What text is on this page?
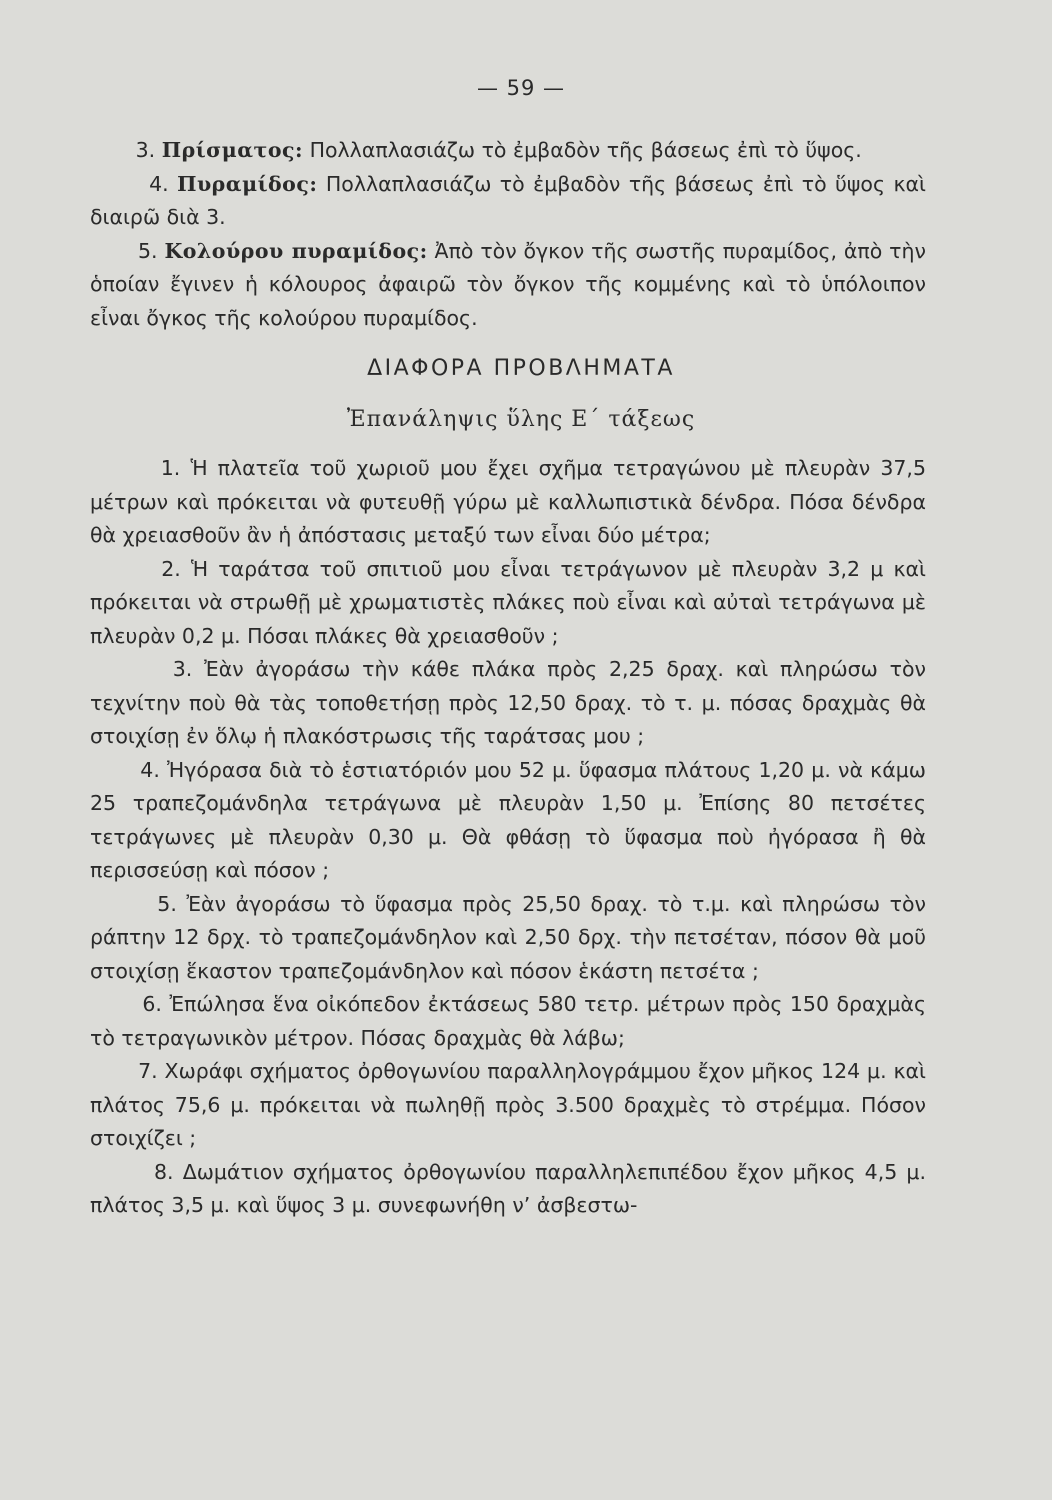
— 59 —

3. Πρίσματος: Πολλαπλασιάζω τὸ ἐμβαδὸν τῆς βάσεως ἐπὶ τὸ ὕψος.

4. Πυραμίδος: Πολλαπλασιάζω τὸ ἐμβαδὸν τῆς βάσεως ἐπὶ τὸ ὕψος καὶ διαιρῶ διὰ 3.

5. Κολούρου πυραμίδος: Ἀπὸ τὸν ὄγκον τῆς σωστῆς πυραμίδος, ἀπὸ τὴν ὁποίαν ἔγινεν ἡ κόλουρος ἀφαιρῶ τὸν ὄγκον τῆς κομμένης καὶ τὸ ὑπόλοιπον εἶναι ὄγκος τῆς κολούρου πυραμίδος.

ΔΙΑΦΟΡΑ ΠΡΟΒΛΗΜΑΤΑ
Ἐπανάληψις ὕλης Ε΄ τάξεως

1. Ἡ πλατεῖα τοῦ χωριοῦ μου ἔχει σχῆμα τετραγώνου μὲ πλευρὰν 37,5 μέτρων καὶ πρόκειται νὰ φυτευθῇ γύρω μὲ καλλωπιστικὰ δένδρα. Πόσα δένδρα θὰ χρειασθοῦν ἂν ἡ ἀπόστασις μεταξύ των εἶναι δύο μέτρα;

2. Ἡ ταράτσα τοῦ σπιτιοῦ μου εἶναι τετράγωνον μὲ πλευρὰν 3,2 μ καὶ πρόκειται νὰ στρωθῇ μὲ χρωματιστὲς πλάκες ποὺ εἶναι καὶ αὐταὶ τετράγωνα μὲ πλευρὰν 0,2 μ. Πόσαι πλάκες θὰ χρειασθοῦν ;

3. Ἐὰν ἀγοράσω τὴν κάθε πλάκα πρὸς 2,25 δραχ. καὶ πληρώσω τὸν τεχνίτην ποὺ θὰ τὰς τοποθετήσῃ πρὸς 12,50 δραχ. τὸ τ. μ. πόσας δραχμὰς θὰ στοιχίσῃ ἐν ὅλῳ ἡ πλακόστρωσις τῆς ταράτσας μου ;

4. Ἠγόρασα διὰ τὸ ἑστιατόριόν μου 52 μ. ὕφασμα πλάτους 1,20 μ. νὰ κάμω 25 τραπεζομάνδηλα τετράγωνα μὲ πλευρὰν 1,50 μ. Ἐπίσης 80 πετσέτες τετράγωνες μὲ πλευρὰν 0,30 μ. Θὰ φθάσῃ τὸ ὕφασμα ποὺ ἠγόρασα ἢ θὰ περισσεύσῃ καὶ πόσον ;

5. Ἐὰν ἀγοράσω τὸ ὕφασμα πρὸς 25,50 δραχ. τὸ τ.μ. καὶ πληρώσω τὸν ράπτην 12 δρχ. τὸ τραπεζομάνδηλον καὶ 2,50 δρχ. τὴν πετσέταν, πόσον θὰ μοῦ στοιχίσῃ ἕκαστον τραπεζομάνδηλον καὶ πόσον ἑκάστη πετσέτα ;

6. Ἐπώλησα ἕνα οἰκόπεδον ἐκτάσεως 580 τετρ. μέτρων πρὸς 150 δραχμὰς τὸ τετραγωνικὸν μέτρον. Πόσας δραχμὰς θὰ λάβω;

7. Χωράφι σχήματος ὀρθογωνίου παραλληλογράμμου ἔχον μῆκος 124 μ. καὶ πλάτος 75,6 μ. πρόκειται νὰ πωληθῇ πρὸς 3.500 δραχμὲς τὸ στρέμμα. Πόσον στοιχίζει ;

8. Δωμάτιον σχήματος ὀρθογωνίου παραλληλεπιπέδου ἔχον μῆκος 4,5 μ. πλάτος 3,5 μ. καὶ ὕψος 3 μ. συνεφωνήθη ν’ ἀσβεστω-
